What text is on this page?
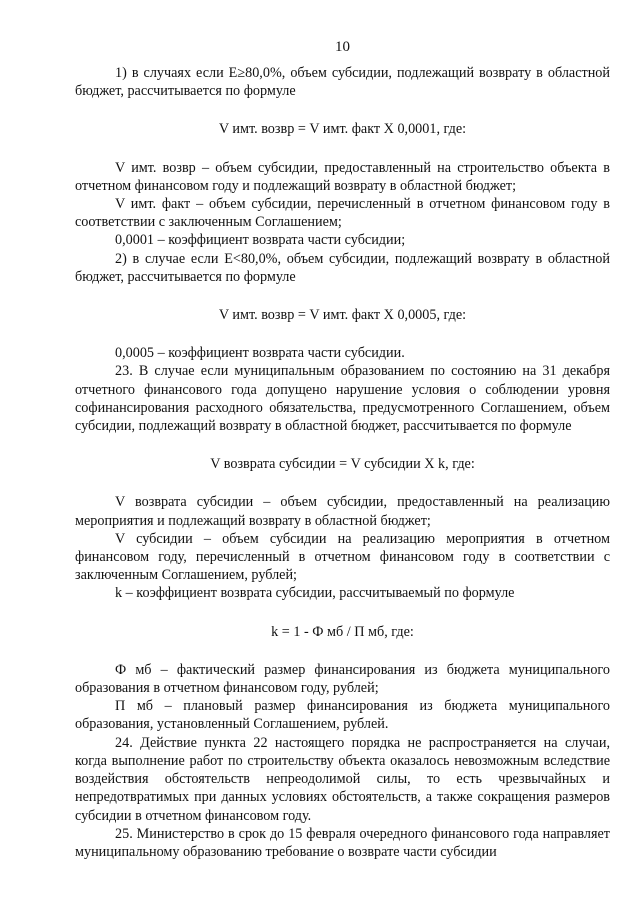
10

1) в случаях если Е≥80,0%, объем субсидии, подлежащий возврату в областной бюджет, рассчитывается по формуле

V имт. возвр = V имт. факт Х 0,0001, где:

V имт. возвр – объем субсидии, предоставленный на строительство объекта в отчетном финансовом году и подлежащий возврату в областной бюджет;

V имт. факт – объем субсидии, перечисленный в отчетном финансовом году в соответствии с заключенным Соглашением;

0,0001 – коэффициент возврата части субсидии;

2) в случае если Е<80,0%, объем субсидии, подлежащий возврату в областной бюджет, рассчитывается по формуле

V имт. возвр = V имт. факт Х 0,0005, где:

0,0005 – коэффициент возврата части субсидии.

23. В случае если муниципальным образованием по состоянию на 31 декабря отчетного финансового года допущено нарушение условия о соблюдении уровня софинансирования расходного обязательства, предусмотренного Соглашением, объем субсидии, подлежащий возврату в областной бюджет, рассчитывается по формуле

V возврата субсидии = V субсидии Х k, где:

V возврата субсидии – объем субсидии, предоставленный на реализацию мероприятия и подлежащий возврату в областной бюджет;

V субсидии – объем субсидии на реализацию мероприятия в отчетном финансовом году, перечисленный в отчетном финансовом году в соответствии с заключенным Соглашением, рублей;

k – коэффициент возврата субсидии, рассчитываемый по формуле

k = 1 - Ф мб / П мб, где:

Ф мб – фактический размер финансирования из бюджета муниципального образования в отчетном финансовом году, рублей;

П мб – плановый размер финансирования из бюджета муниципального образования, установленный Соглашением, рублей.

24. Действие пункта 22 настоящего порядка не распространяется на случаи, когда выполнение работ по строительству объекта оказалось невозможным вследствие воздействия обстоятельств непреодолимой силы, то есть чрезвычайных и непредотвратимых при данных условиях обстоятельств, а также сокращения размеров субсидии в отчетном финансовом году.

25. Министерство в срок до 15 февраля очередного финансового года направляет муниципальному образованию требование о возврате части субсидии
